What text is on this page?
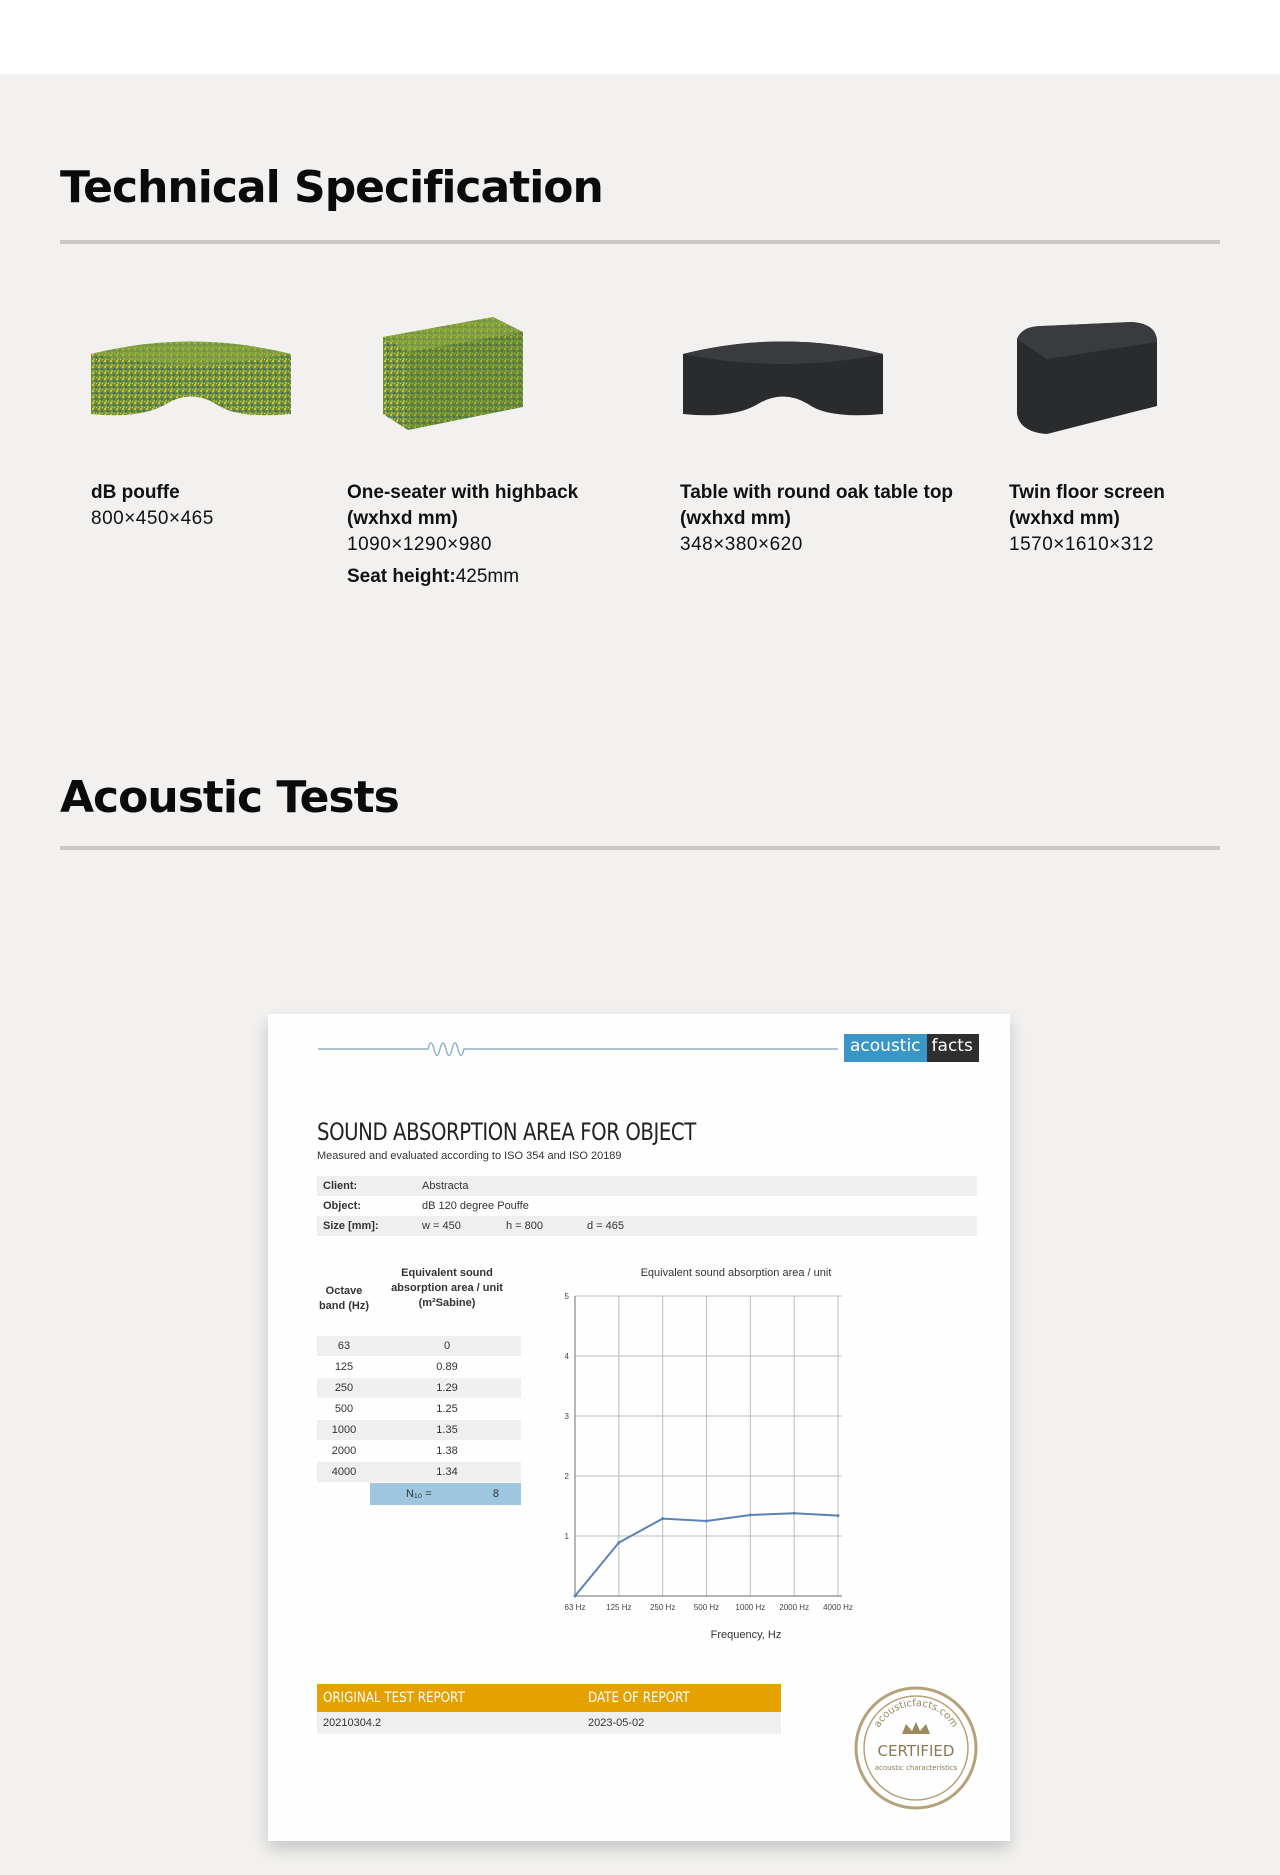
Technical Specification
dB pouffe
800×450×465
One-seater with highback
(wxhxd mm)
1090×1290×980
Seat height:425mm
Table with round oak table top
(wxhxd mm)
348×380×620
Twin floor screen
(wxhxd mm)
1570×1610×312
Acoustic Tests
acoustic facts
SOUND ABSORPTION AREA FOR OBJECT
Measured and evaluated according to ISO 354 and ISO 20189
Client:	Abstracta
Object:	dB 120 degree Pouffe
Size [mm]:	w = 450	h = 800	d = 465
Octave band (Hz)
Equivalent sound absorption area / unit (m²Sabine)
63	0
125	0.89
250	1.29
500	1.25
1000	1.35
2000	1.38
4000	1.34
N₁₀ =	8
Equivalent sound absorption area / unit
1
2
3
4
5
63 Hz	125 Hz 250 Hz 500 Hz 1000 Hz 2000 Hz 4000 Hz
Frequency, Hz
ORIGINAL TEST REPORT	DATE OF REPORT
20210304.2	2023-05-02	acousticfacts.com
CERTIFIED
acoustic characteristics
